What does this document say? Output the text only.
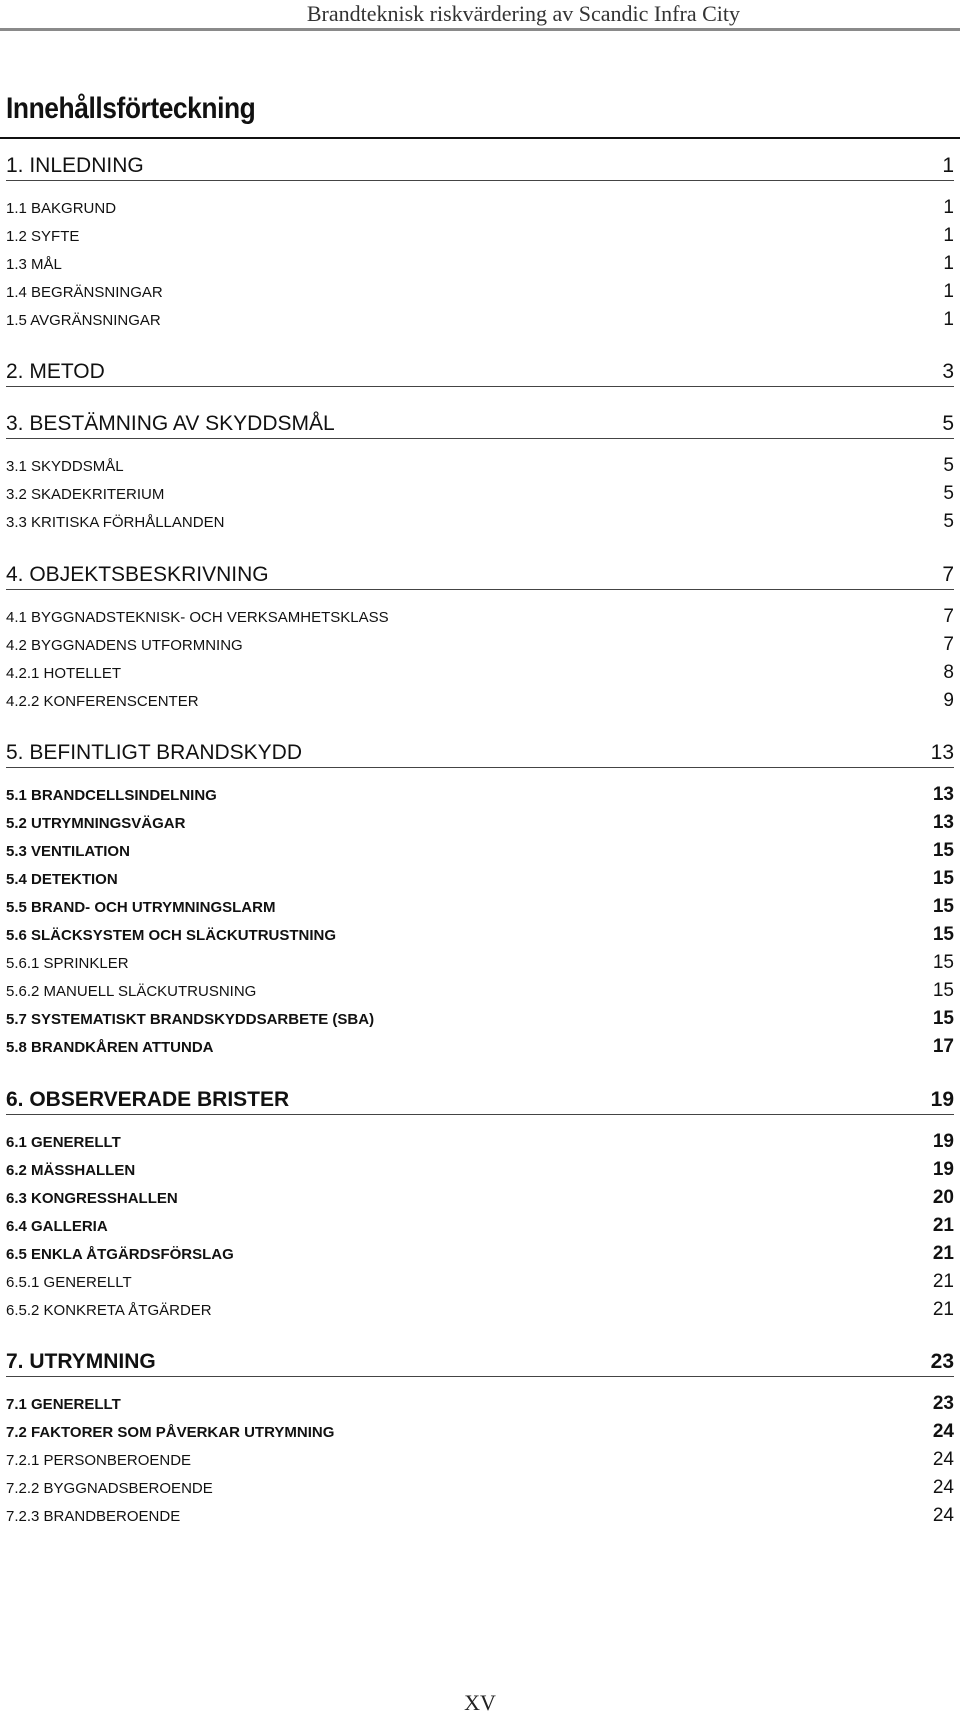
Brandteknisk riskvärdering av Scandic Infra City
Innehållsförteckning
1. INLEDNING	1
1.1 BAKGRUND	1
1.2 SYFTE	1
1.3 MÅL	1
1.4 BEGRÄNSNINGAR	1
1.5 AVGRÄNSNINGAR	1
2. METOD	3
3. BESTÄMNING AV SKYDDSMÅL	5
3.1 SKYDDSMÅL	5
3.2 SKADEKRITERIUM	5
3.3 KRITISKA FÖRHÅLLANDEN	5
4. OBJEKTSBESKRIVNING	7
4.1 BYGGNADSTEKNISK- OCH VERKSAMHETSKLASS	7
4.2 BYGGNADENS UTFORMNING	7
4.2.1 HOTELLET	8
4.2.2 KONFERENSCENTER	9
5. BEFINTLIGT BRANDSKYDD	13
5.1 BRANDCELLSINDELNING	13
5.2 UTRYMNINGSVÄGAR	13
5.3 VENTILATION	15
5.4 DETEKTION	15
5.5 BRAND- OCH UTRYMNINGSLARM	15
5.6 SLÄCKSYSTEM OCH SLÄCKUTRUSTNING	15
5.6.1 SPRINKLER	15
5.6.2 MANUELL SLÄCKUTRUSNING	15
5.7 SYSTEMATISKT BRANDSKYDDSARBETE (SBA)	15
5.8 BRANDKÅREN ATTUNDA	17
6. OBSERVERADE BRISTER	19
6.1 GENERELLT	19
6.2 MÄSSHALLEN	19
6.3 KONGRESSHALLEN	20
6.4 GALLERIA	21
6.5 ENKLA ÅTGÄRDSFÖRSLAG	21
6.5.1 GENERELLT	21
6.5.2 KONKRETA ÅTGÄRDER	21
7. UTRYMNING	23
7.1 GENERELLT	23
7.2 FAKTORER SOM PÅVERKAR UTRYMNING	24
7.2.1 PERSONBEROENDE	24
7.2.2 BYGGNADSBEROENDE	24
7.2.3 BRANDBEROENDE	24
XV
